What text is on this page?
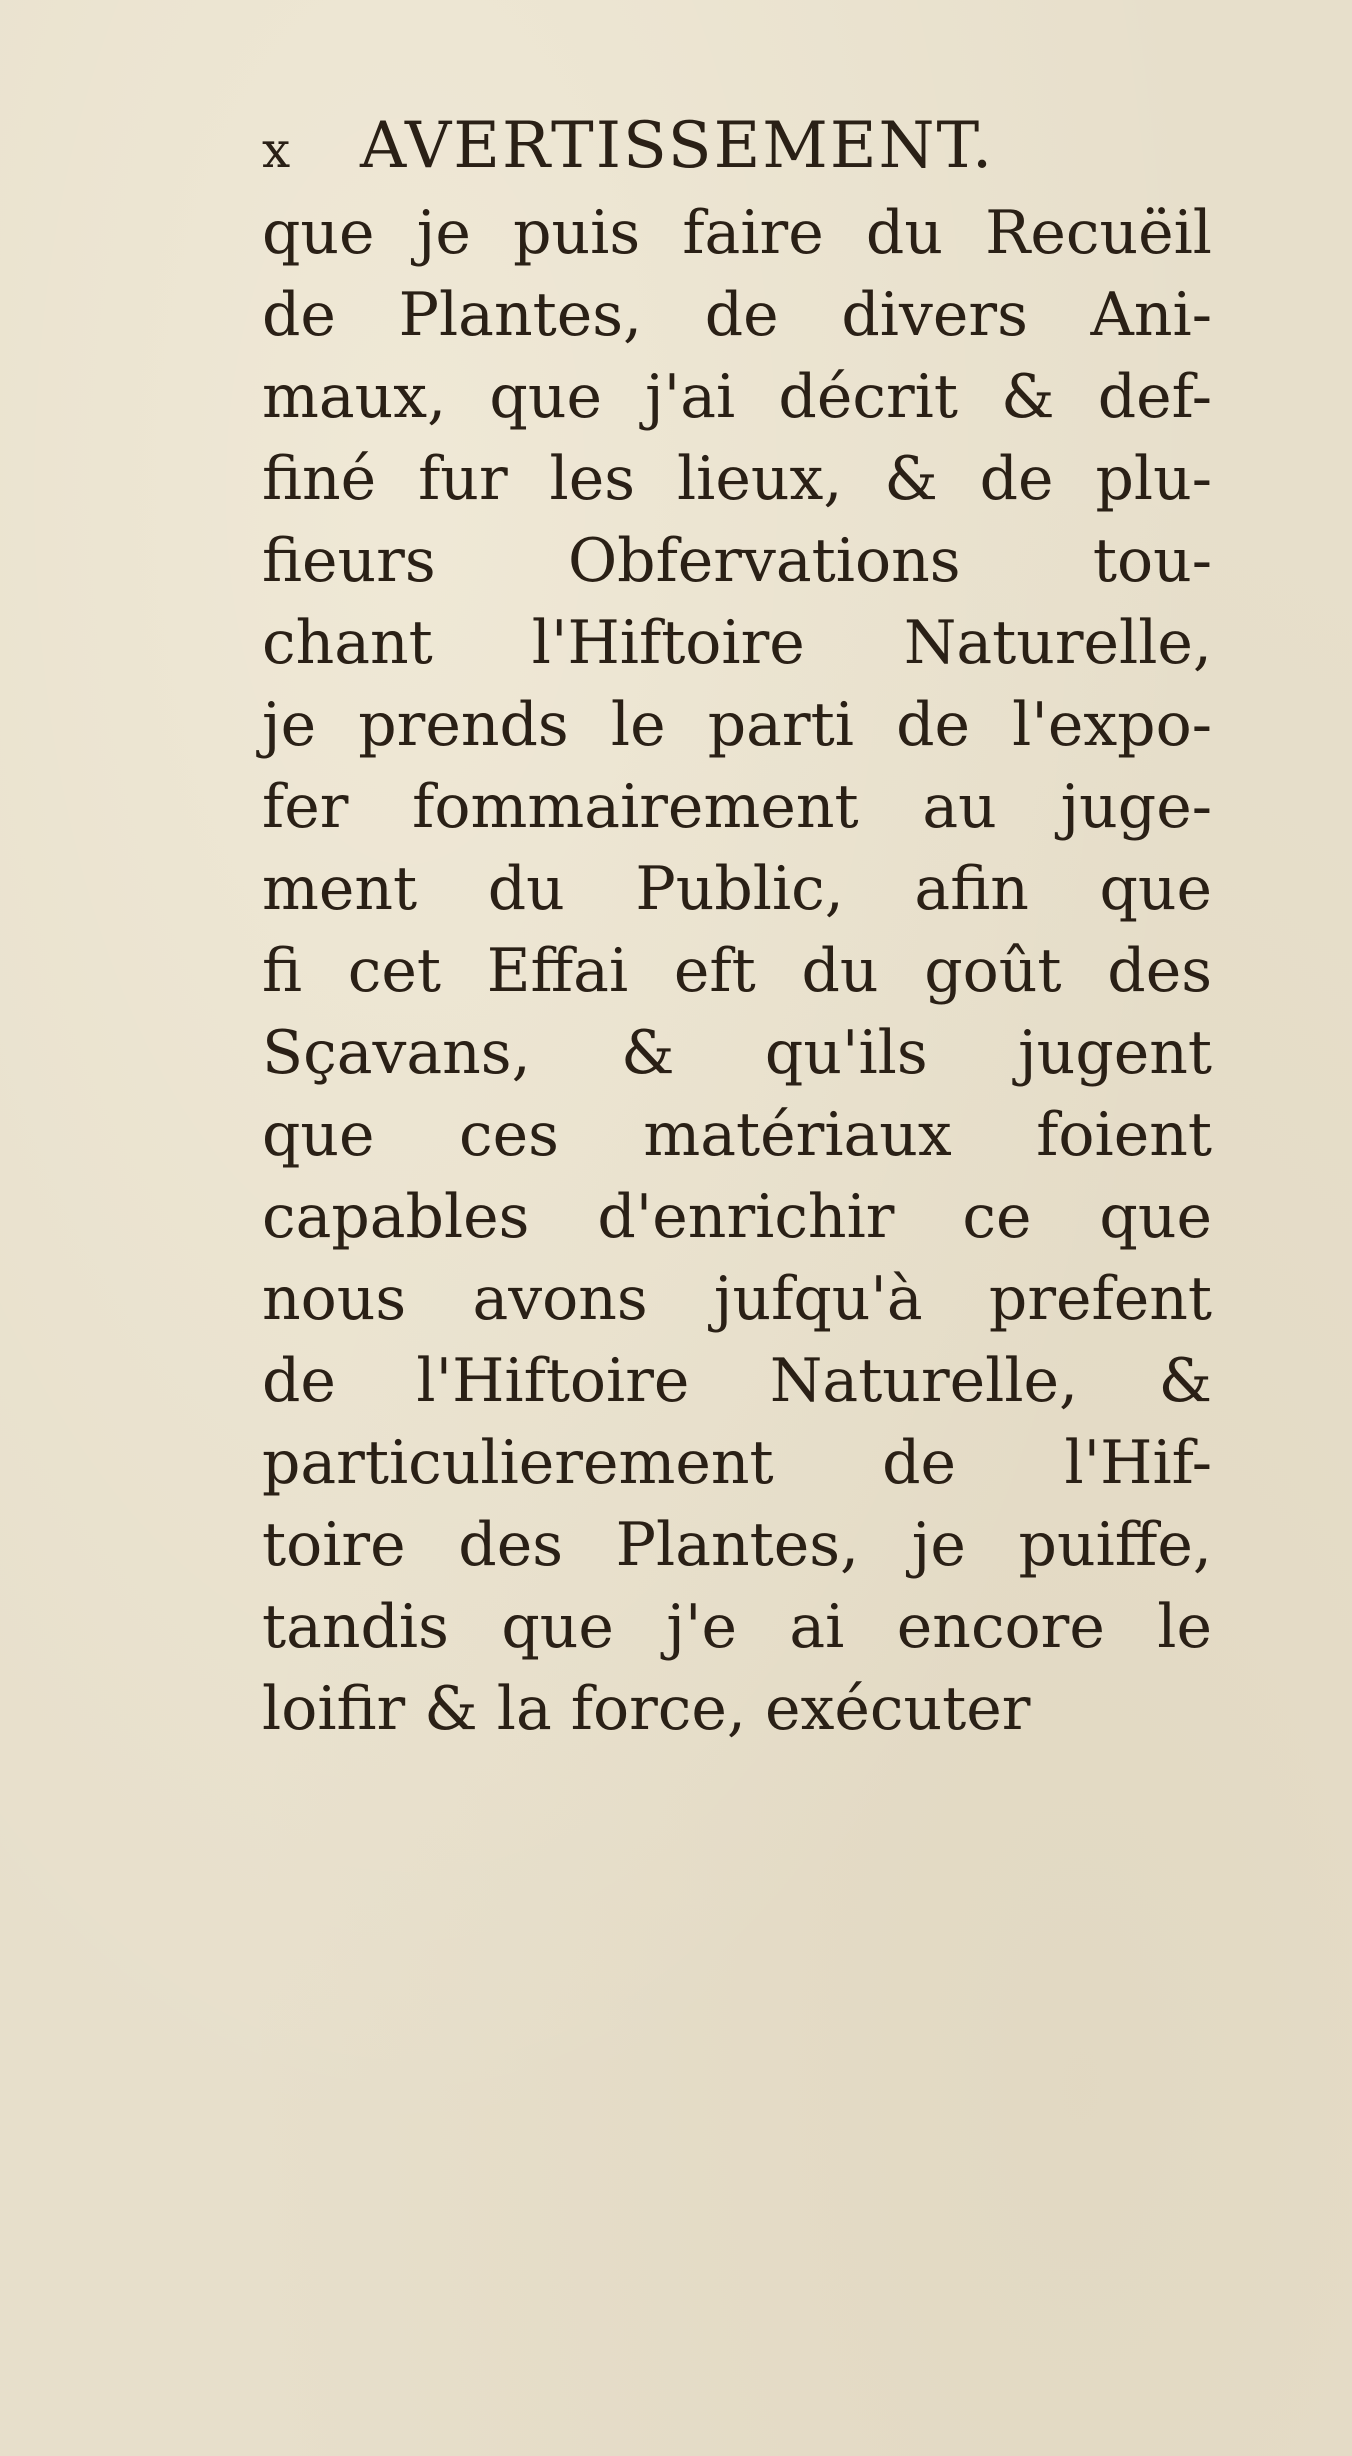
x	AVERTISSEMENT.
que je puis faire du Recuëil
de Plantes, de divers Ani-
maux, que j'ai décrit & def-
finé fur les lieux, & de plu-
fieurs Obfervations tou-
chant l'Hiftoire Naturelle,
je prends le parti de l'expo-
fer fommairement au juge-
ment du Public, afin que
fi cet Effai eft du goût des
Sçavans, & qu'ils jugent
que ces matériaux foient
capables d'enrichir ce que
nous avons jufqu'à prefent
de l'Hiftoire Naturelle, &
particulierement de l'Hif-
toire des Plantes, je puiffe,
tandis que j'e ai encore le
loifir & la force, exécuter
